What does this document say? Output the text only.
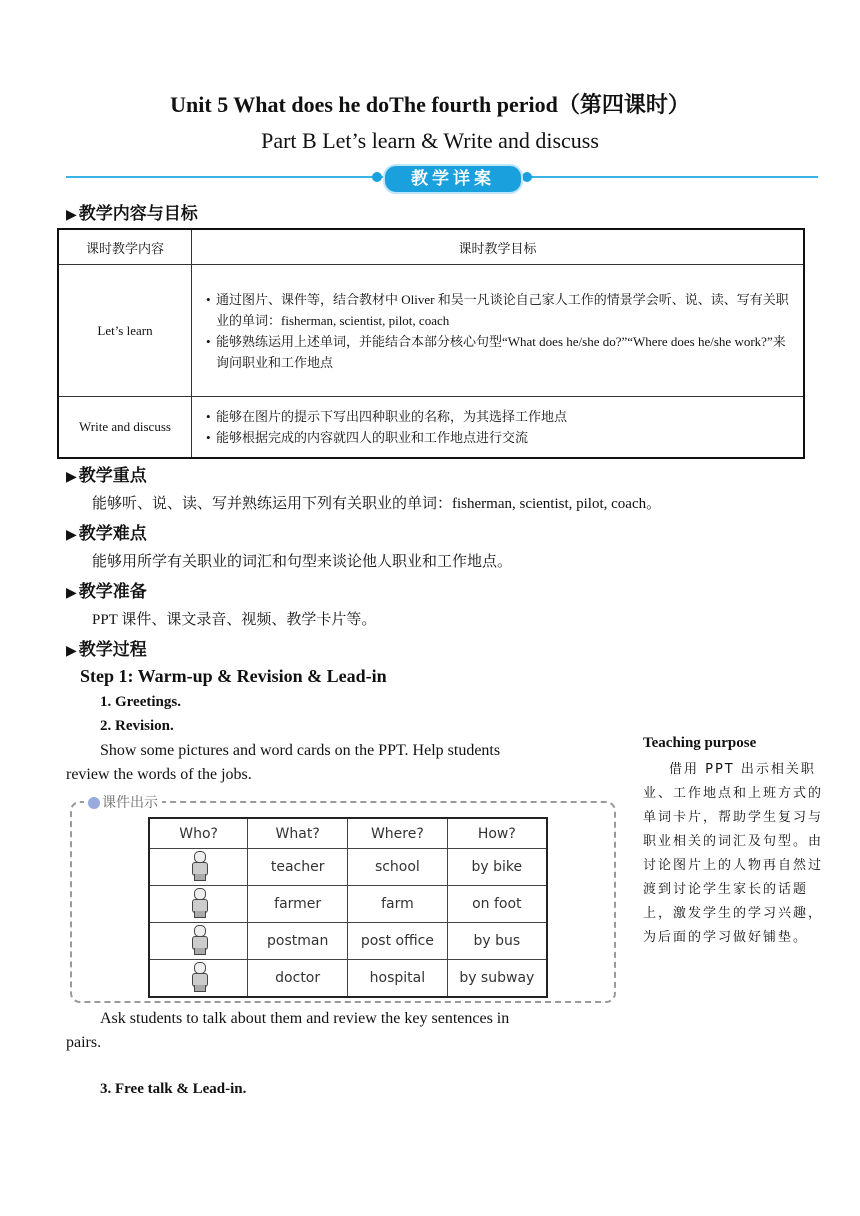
Unit 5 What does he doThe fourth period（第四课时）
Part B Let’s learn & Write and discuss
教学详案
▶ 教学内容与目标
课时教学内容	课时教学目标
Let’s learn	• 通过图片、课件等，结合教材中 Oliver 和吴一凡谈论自己家人工作的情景学会听、说、读、写有关职业的单词：fisherman, scientist, pilot, coach
• 能够熟练运用上述单词，并能结合本部分核心句型“What does he/she do?”“Where does he/she work?”来询问职业和工作地点

Write and discuss	• 能够在图片的提示下写出四种职业的名称，为其选择工作地点
• 能够根据完成的内容就四人的职业和工作地点进行交流
▶ 教学重点
能够听、说、读、写并熟练运用下列有关职业的单词：fisherman, scientist, pilot, coach。
▶ 教学难点
能够用所学有关职业的词汇和句型来谈论他人职业和工作地点。
▶ 教学准备
PPT 课件、课文录音、视频、教学卡片等。
▶ 教学过程
Step 1: Warm-up & Revision & Lead-in
1. Greetings.
2. Revision.
Show some pictures and word cards on the PPT. Help students review the words of the jobs.
课件出示
Who?	What?	Where?	How?

	teacher	school	by bike

	farmer	farm	on foot

	postman	post office	by bus

	doctor	hospital	by subway
Ask students to talk about them and review the key sentences in pairs.
3. Free talk & Lead-in.
Teaching purpose
借用 PPT 出示相关职业、工作地点和上班方式的单词卡片，帮助学生复习与职业相关的词汇及句型。由讨论图片上的人物再自然过渡到讨论学生家长的话题上，激发学生的学习兴趣，为后面的学习做好铺垫。
